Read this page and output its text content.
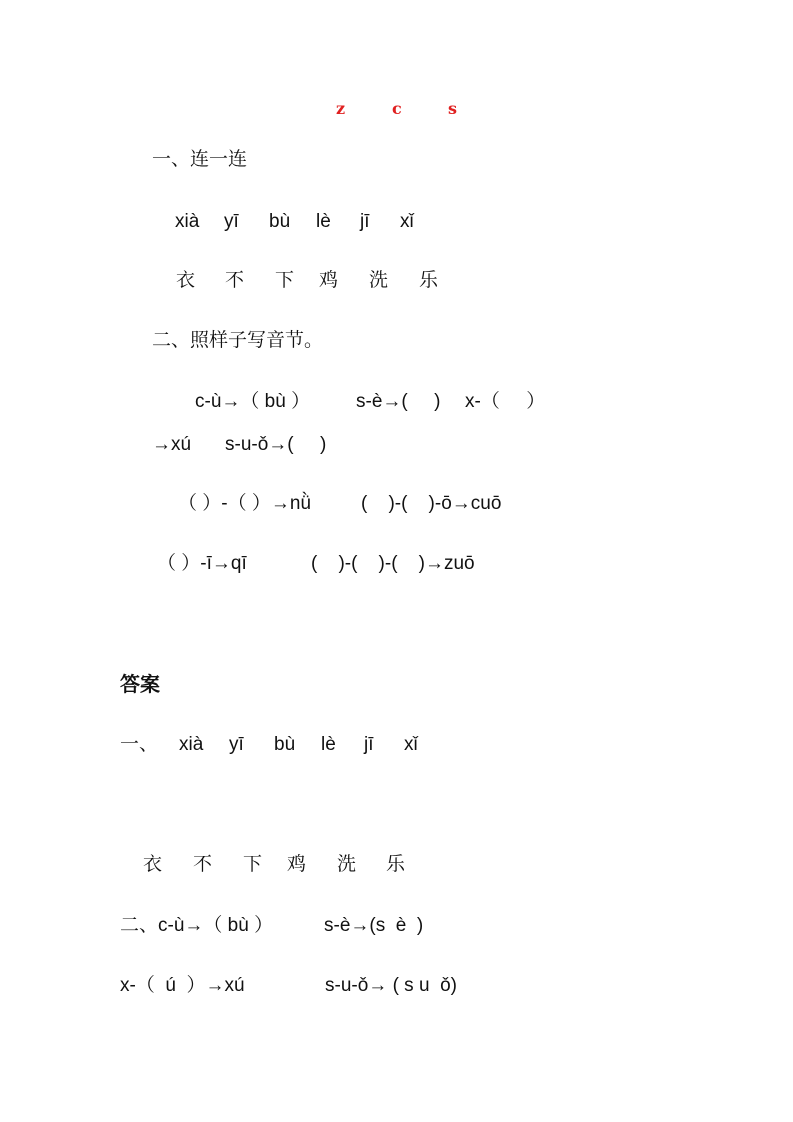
z	c	s
一、连一连
xià yī bù lè jī xǐ
衣 不 下 鸡 洗 乐
二、照样子写音节。
c-ù→（ bù ） s-è→(     ) x-（     ）
→xú s-u-ǒ→(     )
（ ）-（ ）→nǜ	(    )-(    )-ō→cuō
（ ）-ī→qī	(    )-(    )-(    )→zuō
答案
一、 xià yī bù lè jī xǐ
衣 不 下 鸡 洗 乐
二、c-ù→（ bù ）	s-è→(s  è  )
x-（  ú  ）→xú	s-u-ǒ→ ( s u  ǒ)
